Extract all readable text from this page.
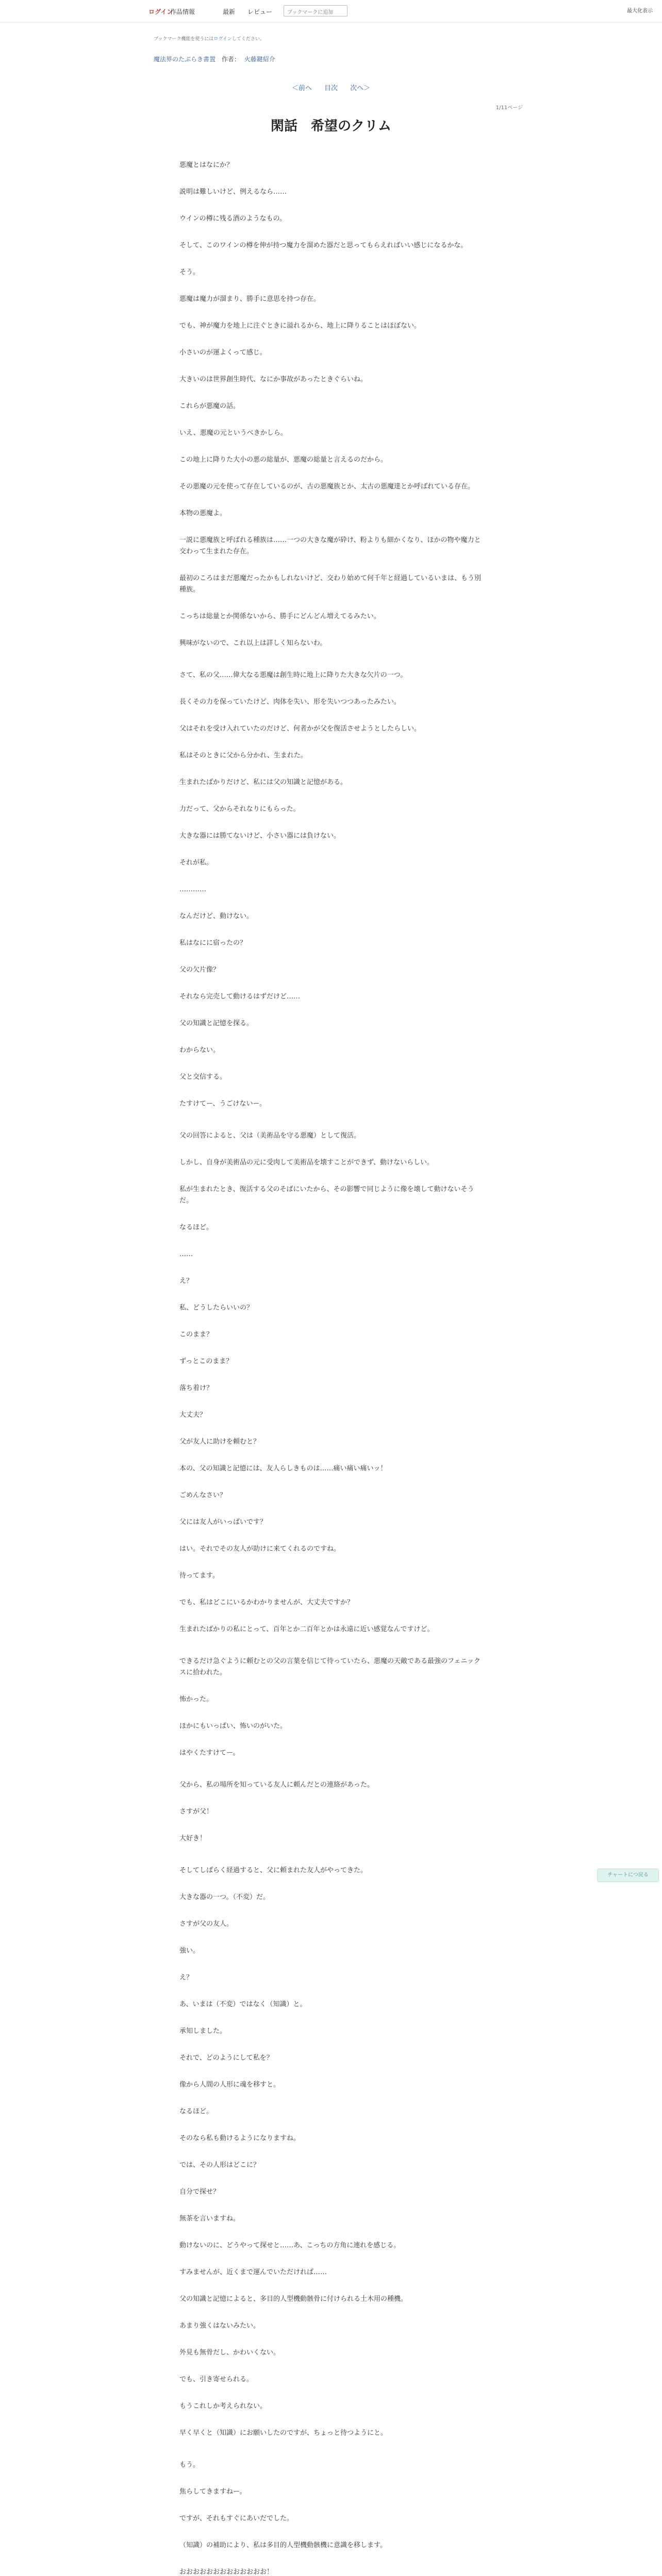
ログイン
作品情報	最新 レビュー	ブックマークに追加	最大化表示
ブックマーク機能を使うにはログインしてください。
魔法界のたぶらき書置 作者： 火藤鍵紹介
＜前へ 目次 次へ＞
1/11ページ
閑話　希望のクリム

悪魔とはなにか？

説明は難しいけど、例えるなら……

ウインの樽に残る酒のようなもの。

そして、このワインの樽を伸が持つ魔力を溜めた器だと思ってもらえればいい感じになるかな。

そう。

悪魔は魔力が溜まり、勝手に意思を持つ存在。

でも、神が魔力を地上に注ぐときに溢れるから、地上に降りることはほぼない。

小さいのが運よくって感じ。

大きいのは世界創生時代、なにか事故があったときぐらいね。

これらが悪魔の話。

いえ、悪魔の元というべきかしら。

この地上に降りた大小の悪の総量が、悪魔の総量と言えるのだから。

その悪魔の元を使って存在しているのが、古の悪魔族とか、太古の悪魔達とか呼ばれている存在。

本物の悪魔よ。

一説に悪魔族と呼ばれる種族は……一つの大きな魔が砕け、粉よりも細かくなり、ほかの物や魔力と交わって生まれた存在。

最初のころはまだ悪魔だったかもしれないけど、交わり始めて何千年と経過しているいまは、もう別種族。

こっちは総量とか関係ないから、勝手にどんどん増えてるみたい。

興味がないので、これ以上は詳しく知らないわ。

さて、私の父……偉大なる悪魔は創生時に地上に降りた大きな欠片の一つ。

長くその力を保っていたけど、肉体を失い、形を失いつつあったみたい。

父はそれを受け入れていたのだけど、何者かが父を復活させようとしたらしい。

私はそのときに父から分かれ、生まれた。

生まれたばかりだけど、私には父の知識と記憶がある。

力だって、父からそれなりにもらった。

大きな器には勝てないけど、小さい器には負けない。

それが私。

…………

なんだけど、動けない。

私はなにに宿ったの？

父の欠片像？

それなら完売して動けるはずだけど……

父の知識と記憶を探る。

わからない。

父と交信する。

たすけてー、うごけないー。

父の回答によると、父は（美術品を守る悪魔）として復活。

しかし、自身が美術品の元に受肉して美術品を壊すことができず、動けないらしい。

私が生まれたとき、復活する父のそばにいたから、その影響で同じように像を壊して動けないそうだ。

なるほど。

……

え？

私、どうしたらいいの？

このまま？

ずっとこのまま？

落ち着け？

大丈夫？

父が友人に助けを頼むと？

本の、父の知識と記憶には、友人らしきものは……痛い痛い痛いッ！

ごめんなさい？

父には友人がいっぱいです？

はい。それでその友人が助けに来てくれるのですね。

待ってます。

でも、私はどこにいるかわかりませんが、大丈夫ですか？

生まれたばかりの私にとって、百年とか二百年とかは永遠に近い感覚なんですけど。

できるだけ急ぐように頼むとの父の言葉を信じて待っていたら、悪魔の天敵である最強のフェニックスに拾われた。

怖かった。

ほかにもいっぱい、怖いのがいた。

はやくたすけてー。

父から、私の場所を知っている友人に頼んだとの連絡があった。

さすが父！

大好き！

そしてしばらく経過すると、父に頼まれた友人がやってきた。

大きな器の一つ。（不変）だ。

さすが父の友人。

強い。

え？

あ、いまは（不変）ではなく（知識）と。

承知しました。

それで、どのようにして私を？

像から人間の人形に魂を移すと。

なるほど。

そのなら私も動けるようになりますね。

では、その人形はどこに？

自分で探せ？

無茶を言いますね。

動けないのに、どうやって探せと……あ、こっちの方角に連れを感じる。

すみませんが、近くまで運んでいただければ……

父の知識と記憶によると、多目的人型機動骸骨に付けられる土木用の種機。

あまり強くはないみたい。

外見も無骨だし、かわいくない。

でも、引き寄せられる。

もうこれしか考えられない。

早く早くと（知識）にお願いしたのですが、ちょっと待つようにと。

もう。

焦らしてきますねー。

ですが、それもすぐにあいだでした。

（知識）の補助により、私は多目的人型機動骸機に意識を移します。

おおおおおおおおおおおおお！

チャートにつ戻る
